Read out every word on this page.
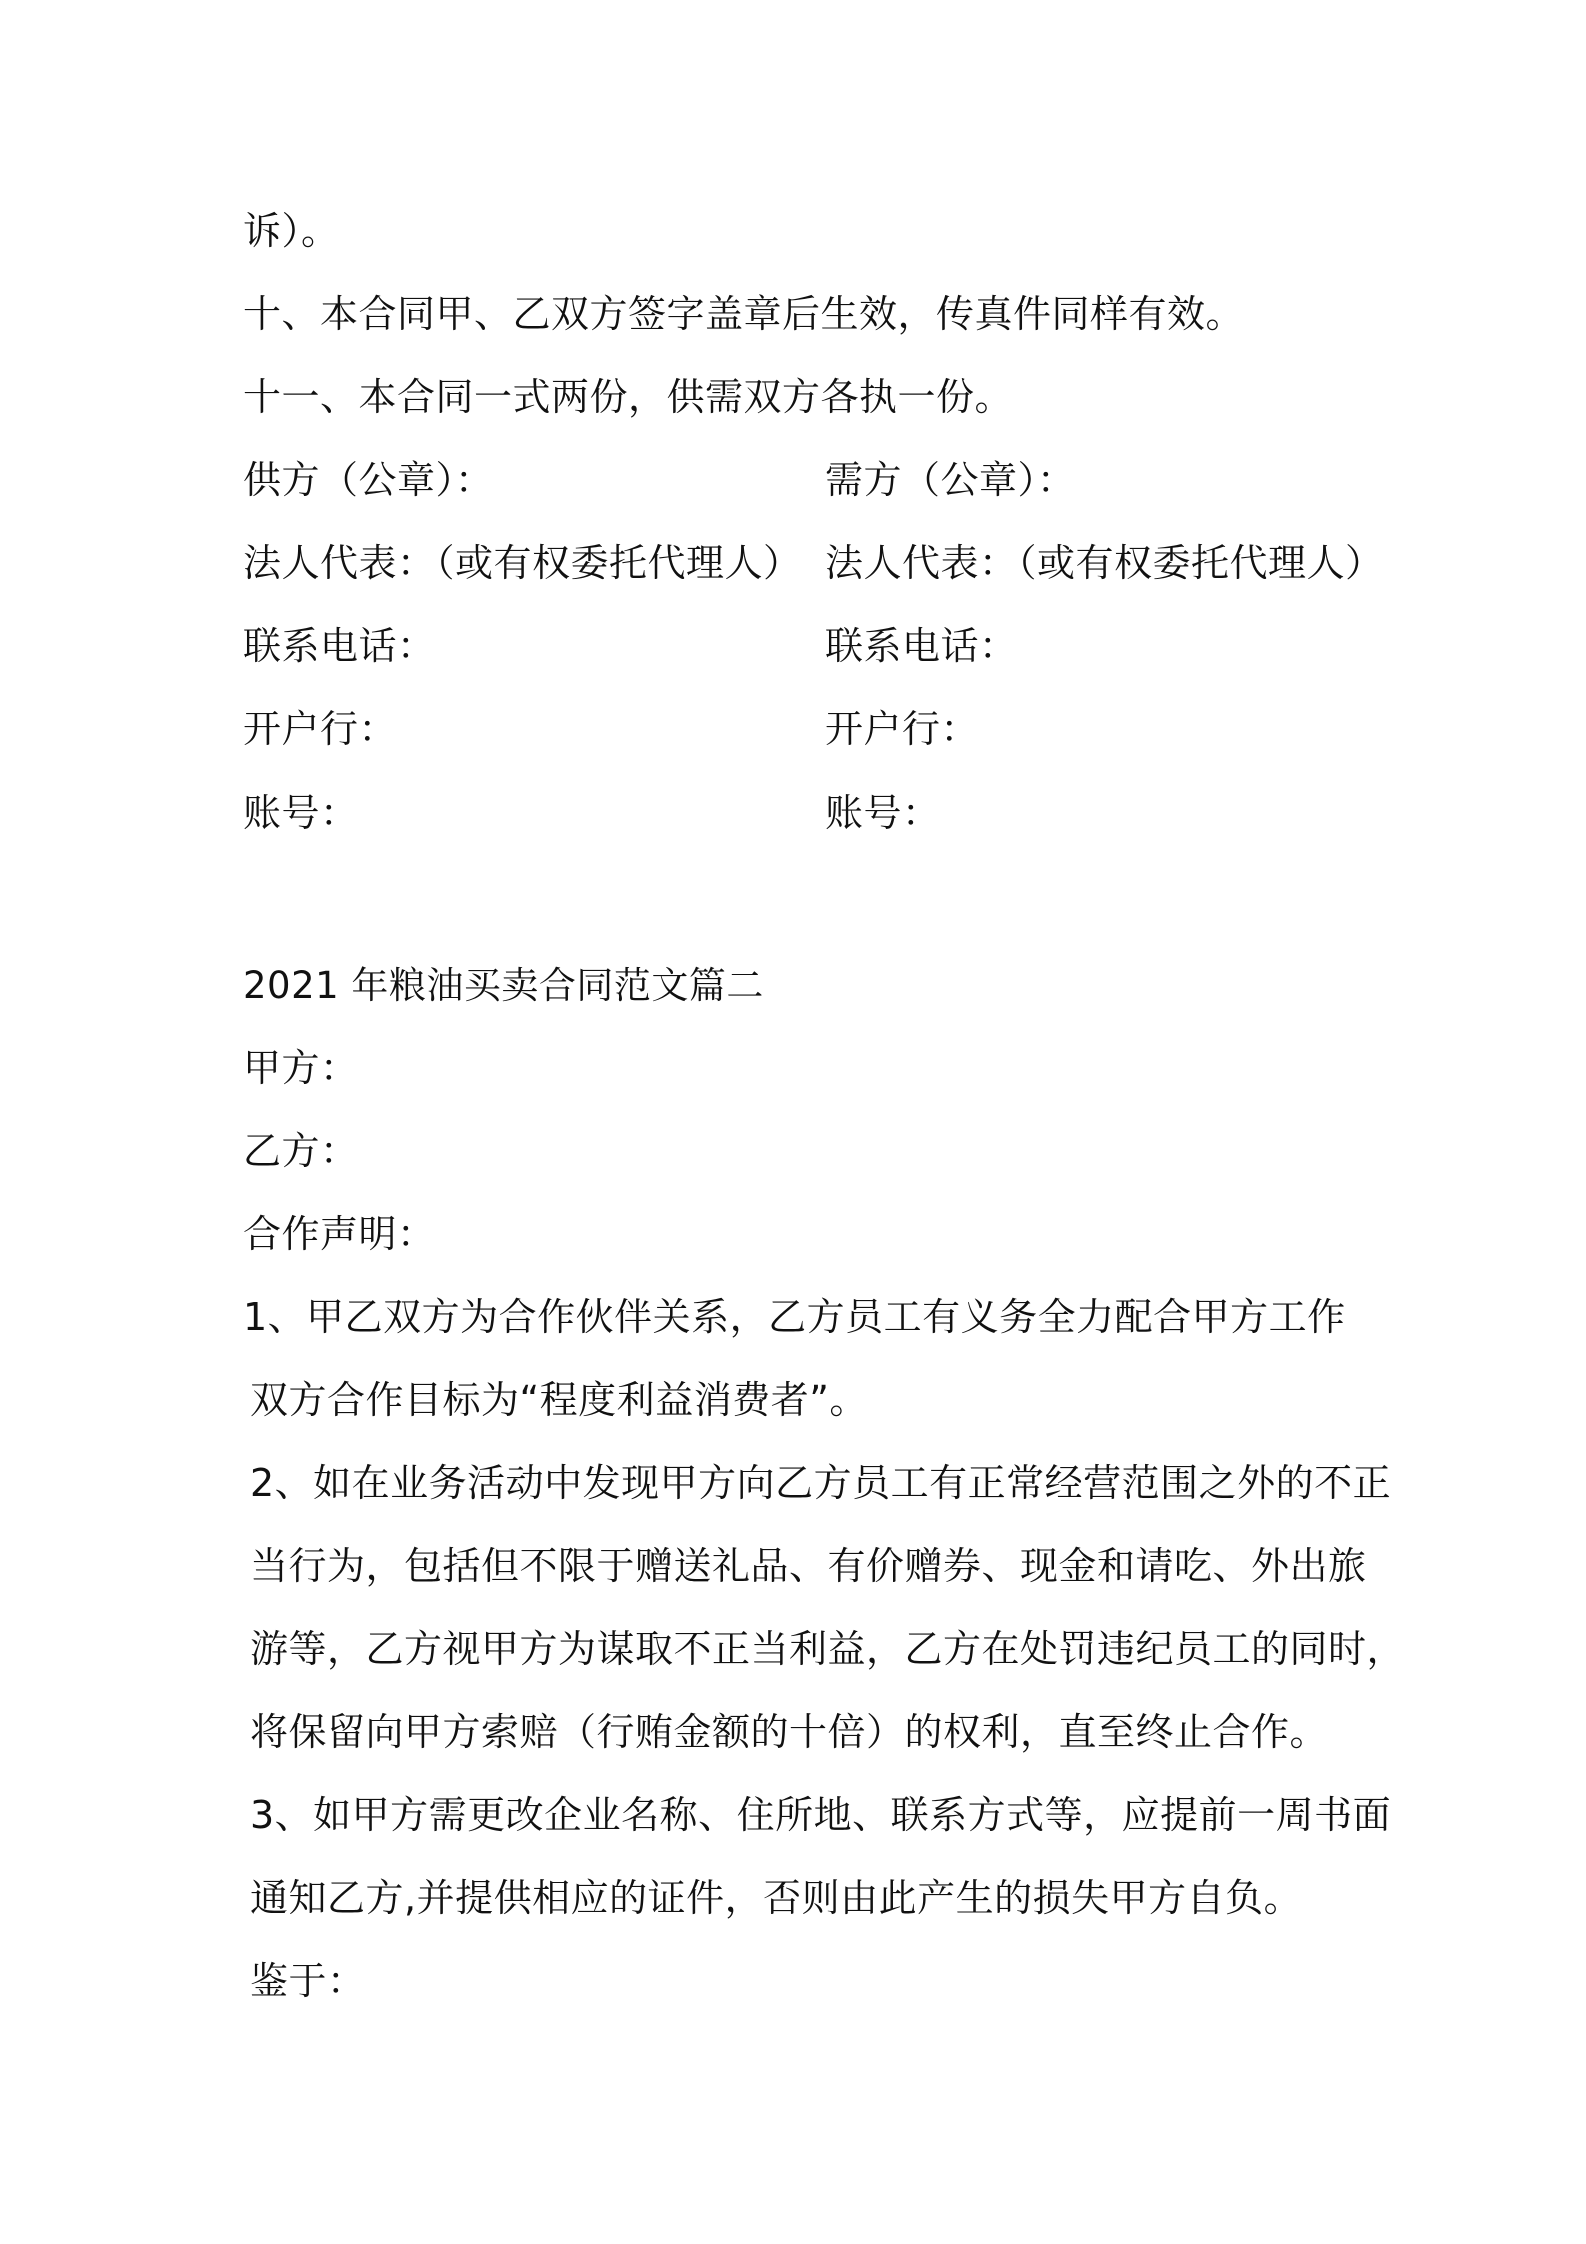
诉）。
十、本合同甲、乙双方签字盖章后生效，传真件同样有效。
十一、本合同一式两份，供需双方各执一份。
供方（公章）：	需方（公章）：
法人代表：（或有权委托代理人） 法人代表：（或有权委托代理人）
联系电话：	联系电话：
开户行：	开户行：
账号：	账号：
2021 年粮油买卖合同范文篇二
甲方：
乙方：
合作声明：
1、甲乙双方为合作伙伴关系，乙方员工有义务全力配合甲方工作
双方合作目标为“程度利益消费者”。
2、如在业务活动中发现甲方向乙方员工有正常经营范围之外的不正
当行为，包括但不限于赠送礼品、有价赠券、现金和请吃、外出旅
游等，乙方视甲方为谋取不正当利益，乙方在处罚违纪员工的同时，
将保留向甲方索赔（行贿金额的十倍）的权利，直至终止合作。
3、如甲方需更改企业名称、住所地、联系方式等，应提前一周书面
通知乙方,并提供相应的证件，否则由此产生的损失甲方自负。
鉴于：
